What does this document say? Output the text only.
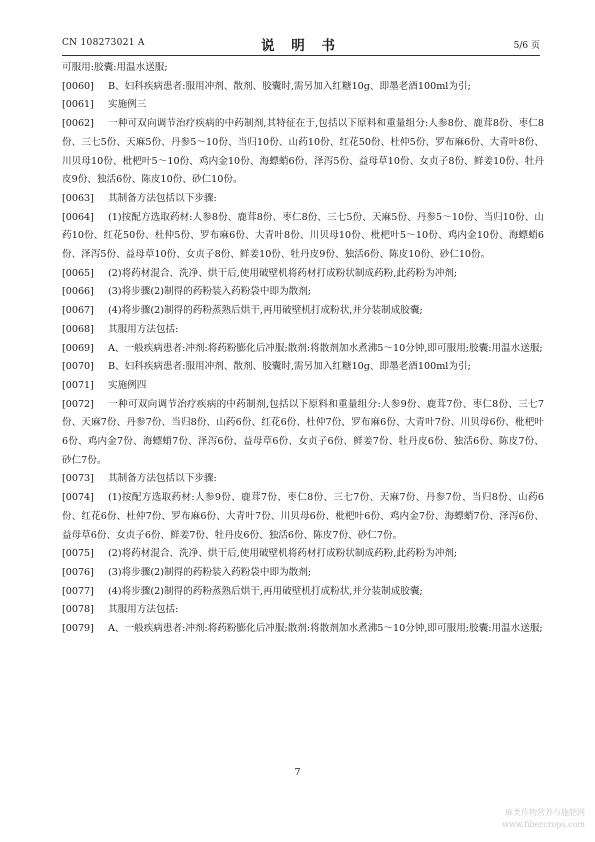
CN 108273021 A	说 明 书	5/6 页

可服用:胶囊:用温水送服;

[0060] B、妇科疾病患者:服用冲剂、散剂、胶囊时,需另加入红糖10g、即墨老酒100ml为引;

[0061] 实施例三

[0062] 一种可双向调节治疗疾病的中药制剂,其特征在于,包括以下原料和重量组分:人参8份、鹿茸8份、枣仁8份、三七5份、天麻5份、丹参5～10份、当归10份、山药10份、红花50份、杜仲5份、罗布麻6份、大青叶8份、川贝母10份、枇杷叶5～10份、鸡内金10份、海螵蛸6份、泽泻5份、益母草10份、女贞子8份、鲜姜10份、牡丹皮9份、独活6份、陈皮10份、砂仁10份。

[0063] 其制备方法包括以下步骤:

[0064] (1)按配方选取药材:人参8份、鹿茸8份、枣仁8份、三七5份、天麻5份、丹参5～10份、当归10份、山药10份、红花50份、杜仲5份、罗布麻6份、大青叶8份、川贝母10份、枇杷叶5～10份、鸡内金10份、海螵蛸6份、泽泻5份、益母草10份、女贞子8份、鲜姜10份、牡丹皮9份、独活6份、陈皮10份、砂仁10份。

[0065] (2)将药材混合、洗净、烘干后,使用破壁机将药材打成粉状制成药粉,此药粉为冲剂;

[0066] (3)将步骤(2)制得的药粉装入药粉袋中即为散剂;

[0067] (4)将步骤(2)制得的药粉蒸熟后烘干,再用破壁机打成粉状,并分装制成胶囊;

[0068] 其服用方法包括:

[0069] A、一般疾病患者:冲剂:将药粉膨化后冲服;散剂:将散剂加水煮沸5～10分钟,即可服用;胶囊:用温水送服;

[0070] B、妇科疾病患者:服用冲剂、散剂、胶囊时,需另加入红糖10g、即墨老酒100ml为引;

[0071] 实施例四

[0072] 一种可双向调节治疗疾病的中药制剂,包括以下原料和重量组分:人参9份、鹿茸7份、枣仁8份、三七7份、天麻7份、丹参7份、当归8份、山药6份、红花6份、杜仲7份、罗布麻6份、大青叶7份、川贝母6份、枇杷叶6份、鸡内金7份、海螵蛸7份、泽泻6份、益母草6份、女贞子6份、鲜姜7份、牡丹皮6份、独活6份、陈皮7份、砂仁7份。

[0073] 其制备方法包括以下步骤:

[0074] (1)按配方选取药材:人参9份、鹿茸7份、枣仁8份、三七7份、天麻7份、丹参7份、当归8份、山药6份、红花6份、杜仲7份、罗布麻6份、大青叶7份、川贝母6份、枇杷叶6份、鸡内金7份、海螵蛸7份、泽泻6份、益母草6份、女贞子6份、鲜姜7份、牡丹皮6份、独活6份、陈皮7份、砂仁7份。

[0075] (2)将药材混合、洗净、烘干后,使用破壁机将药材打成粉状制成药粉,此药粉为冲剂;

[0076] (3)将步骤(2)制得的药粉装入药粉袋中即为散剂;

[0077] (4)将步骤(2)制得的药粉蒸熟后烘干,再用破壁机打成粉状,并分装制成胶囊;

[0078] 其服用方法包括:

[0079] A、一般疾病患者:冲剂:将药粉膨化后冲服;散剂:将散剂加水煮沸5～10分钟,即可服用;胶囊:用温水送服;

7
麻类作物营养与施肥网
www.fibercrops.com
